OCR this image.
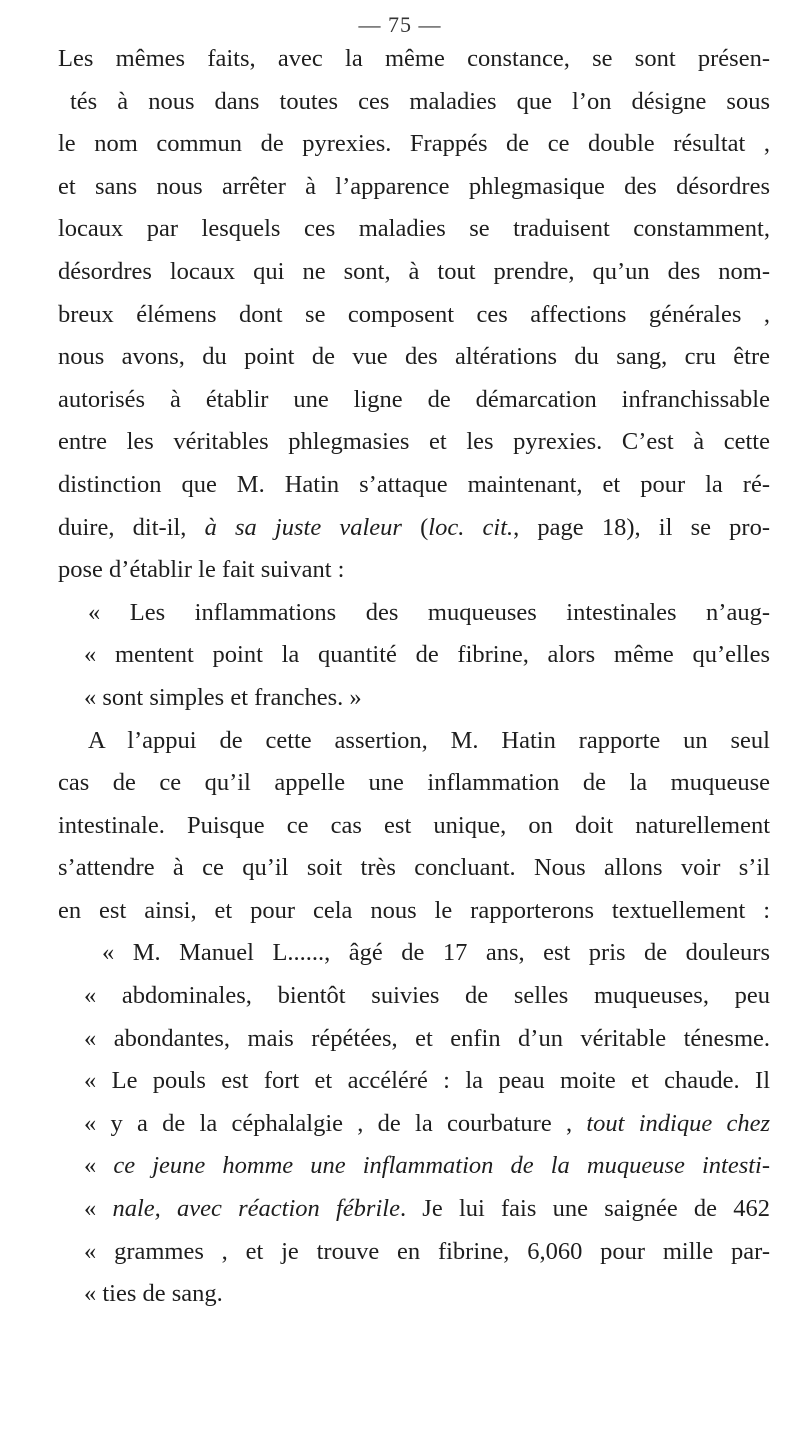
— 75 —
Les mêmes faits, avec la même constance, se sont présen-
tés à nous dans toutes ces maladies que l’on désigne sous
le nom commun de pyrexies. Frappés de ce double résultat ,
et sans nous arrêter à l’apparence phlegmasique des désordres
locaux par lesquels ces maladies se traduisent constamment,
désordres locaux qui ne sont, à tout prendre, qu’un des nom-
breux élémens dont se composent ces affections générales ,
nous avons, du point de vue des altérations du sang, cru être
autorisés à établir une ligne de démarcation infranchissable
entre les véritables phlegmasies et les pyrexies. C’est à cette
distinction que M. Hatin s’attaque maintenant, et pour la ré-
duire, dit-il, à sa juste valeur (loc. cit., page 18), il se pro-
pose d’établir le fait suivant :
« Les inflammations des muqueuses intestinales n’aug-
« mentent point la quantité de fibrine, alors même qu’elles
« sont simples et franches. »
A l’appui de cette assertion, M. Hatin rapporte un seul
cas de ce qu’il appelle une inflammation de la muqueuse
intestinale. Puisque ce cas est unique, on doit naturellement
s’attendre à ce qu’il soit très concluant. Nous allons voir s’il
en est ainsi, et pour cela nous le rapporterons textuellement :
« M. Manuel L......, âgé de 17 ans, est pris de douleurs
« abdominales, bientôt suivies de selles muqueuses, peu
« abondantes, mais répétées, et enfin d’un véritable ténesme.
« Le pouls est fort et accéléré : la peau moite et chaude. Il
« y a de la céphalalgie , de la courbature , tout indique chez
« ce jeune homme une inflammation de la muqueuse intesti-
« nale, avec réaction fébrile. Je lui fais une saignée de 462
« grammes , et je trouve en fibrine, 6,060 pour mille par-
« ties de sang.
